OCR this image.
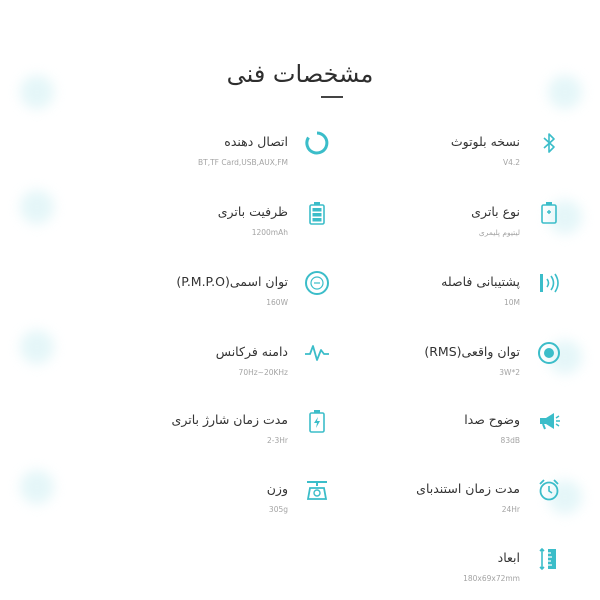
مشخصات فنی
نسخه بلوتوث
V4.2
نوع باتری
لیتیوم پلیمری
پشتیبانی فاصله
10M
توان واقعی(RMS)
3W*2
وضوح صدا
83dB
مدت زمان استندبای
24Hr
ابعاد
180x69x72mm
اتصال دهنده
BT,TF Card,USB,AUX,FM
ظرفیت باتری
1200mAh
توان اسمی(P.M.P.O)
160W
دامنه فرکانس
70Hz~20KHz
مدت زمان شارژ باتری
2-3Hr
وزن
305g
